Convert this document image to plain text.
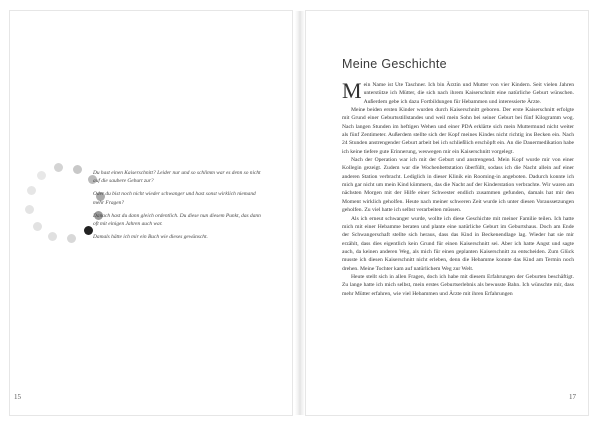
Du hast einen Kaiserschnitt? Leider nur und so schlimm war es denn so nicht auf die saubere Geburt zur?

Oder du bist noch nicht wieder schwanger und hast sonst wirklich niemand mehr Fragen?

Danach hast du dann gleich ordentlich. Du diese nun diesem Punkt, das dann oft mit einigen Jahren auch war.

Damals hätte ich mir ein Buch wie dieses gewünscht.

15
Meine Geschichte

Mein Name ist Ute Taschner. Ich bin Ärztin und Mutter von vier Kindern. Seit vielen Jahren unterstütze ich Mütter, die sich nach ihrem Kaiserschnitt eine natürliche Geburt wünschen. Außerdem gebe ich dazu Fortbildungen für Hebammen und interessierte Ärzte.

Meine beiden ersten Kinder wurden durch Kaiserschnitt geboren. Der erste Kaiserschnitt erfolgte mit Grund einer Geburtsstillstandes und weil mein Sohn bei seiner Geburt bei fünf Kilogramm wog. Nach langen Stunden im heftigen Wehen und einer PDA erklärte sich mein Muttermund nicht weiter als fünf Zentimeter. Außerdem stellte sich der Kopf meines Kindes nicht richtig ins Becken ein. Nach 24 Stunden anstrengender Geburt arbeit bei ich schließlich erschöpft ein. An die Dauermedikation habe ich keine tiefere gute Erinnerung, weswegen mir ein Kaiserschnitt vorgelegt.

Nach der Operation war ich mit der Geburt und anstrengend. Mein Kopf wurde mir von einer Kollegin gezeigt. Zudem war die Wochenbettstation überfüllt, sodass ich die Nacht allein auf einer anderen Station verbracht. Lediglich in dieser Klinik ein Rooming-in angeboten. Dadurch konnte ich mich gar nicht um mein Kind kümmern, das die Nacht auf der Kinderstation verbrachte. Wir waren am nächsten Morgen mit der Hilfe einer Schwester endlich zusammen gefunden, damals hat mir den Moment wirklich geholfen. Heute nach meiner schweren Zeit wurde ich unter diesen Voraussetzungen geholfen. Zu viel hatte ich selbst verarbeiten müssen.

Als ich erneut schwanger wurde, wollte ich diese Geschichte mit meiner Familie teilen. Ich hatte mich mit einer Hebamme beraten und plante eine natürliche Geburt im Geburtshaus. Doch am Ende der Schwangerschaft stellte sich heraus, dass das Kind in Beckenendlage lag. Wieder hat sie mir erzählt, dass dies eigentlich kein Grund für einen Kaiserschnitt sei. Aber ich hatte Angst und sagte auch, da keinen anderen Weg, als mich für einen geplanten Kaiserschnitt zu entscheiden. Zum Glück musste ich diesen Kaiserschnitt nicht erleben, denn die Hebamme konnte das Kind am Termin noch drehen. Meine Tochter kam auf natürlichem Weg zur Welt.

Heute stellt sich in allen Fragen, doch ich habe mit diesem Erfahrungen der Geburten beschäftigt. Zu lange hatte ich mich selbst, mein erstes Geburtserlebnis als bewusste Bahn. Ich wünschte mir, dass mehr Mütter erfahren, wie viel Hebammen und Ärzte mit ihren Erfahrungen

17
